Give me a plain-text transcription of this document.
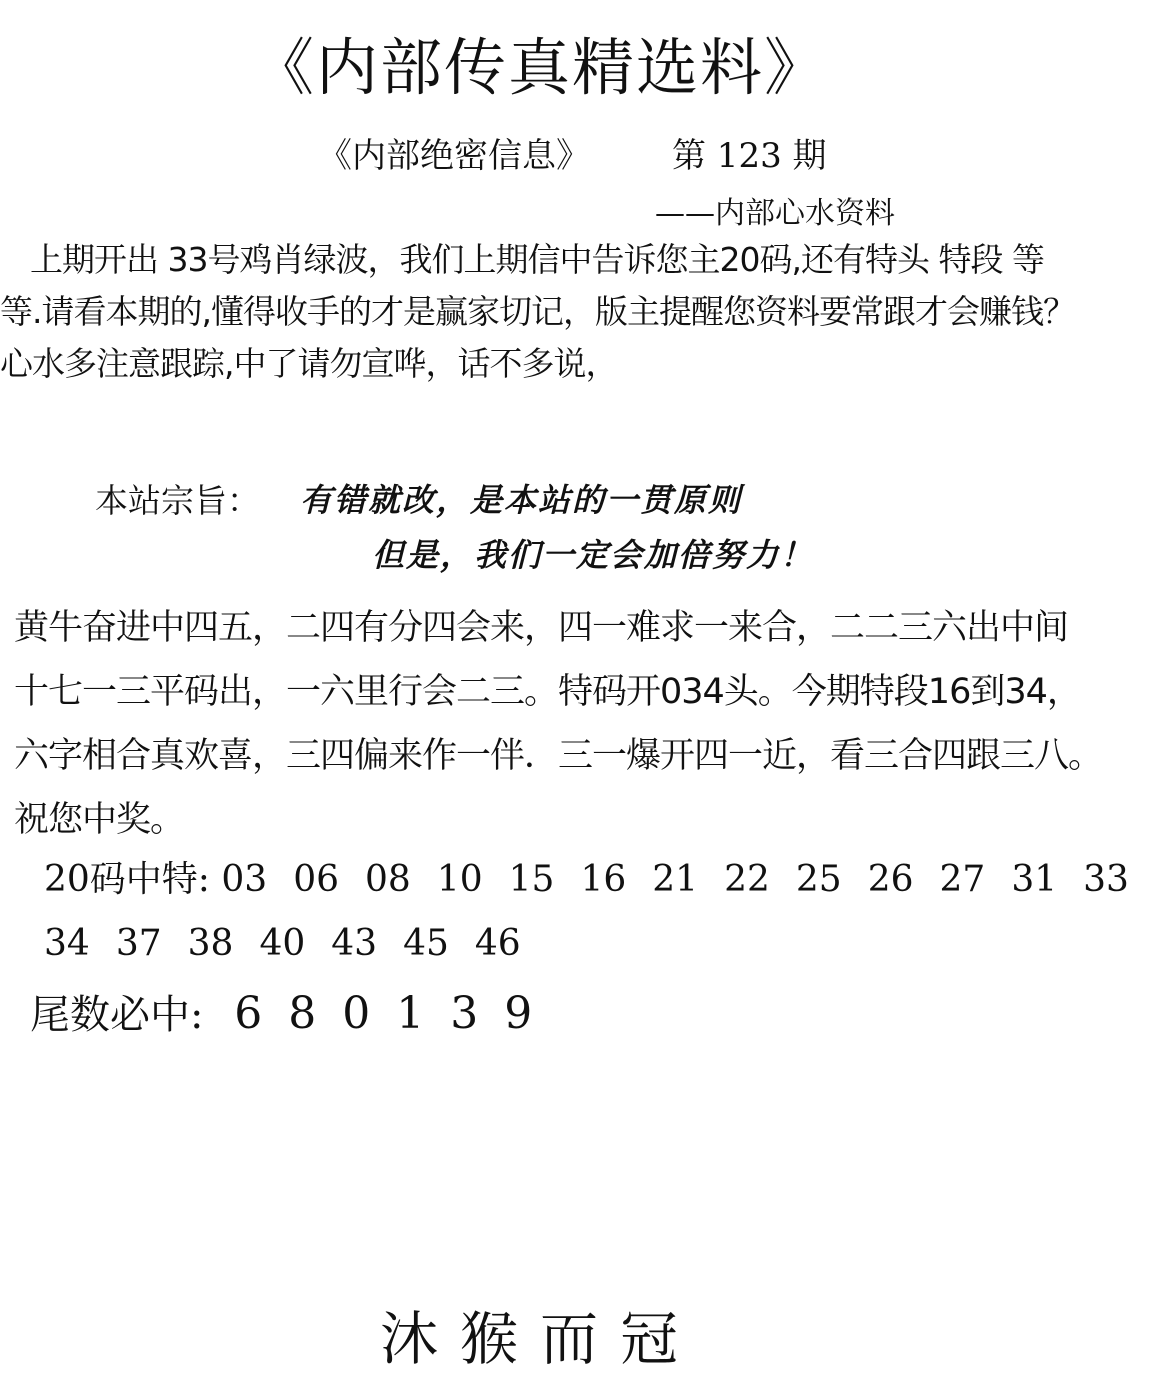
《内部传真精选料》
《内部绝密信息》 第 123 期
——内部心水资料
上期开出 33号鸡肖绿波，我们上期信中告诉您主20码,还有特头 特段 等等.请看本期的,懂得收手的才是赢家切记，版主提醒您资料要常跟才会赚钱？心水多注意跟踪,中了请勿宣哗，话不多说，
本站宗旨： 有错就改，是本站的一贯原则
但是，我们一定会加倍努力！
黄牛奋进中四五，二四有分四会来，四一难求一来合，二二三六出中间
十七一三平码出，一六里行会二三。特码开034头。今期特段16到34，
六字相合真欢喜，三四偏来作一伴．三一爆开四一近，看三合四跟三八。
祝您中奖。
20码中特: 03 06 08 10 15 16 21 22 25 26 27 31 33
34 37 38 40 43 45 46
尾数必中: 6 8 0 1 3 9
沐猴而冠
